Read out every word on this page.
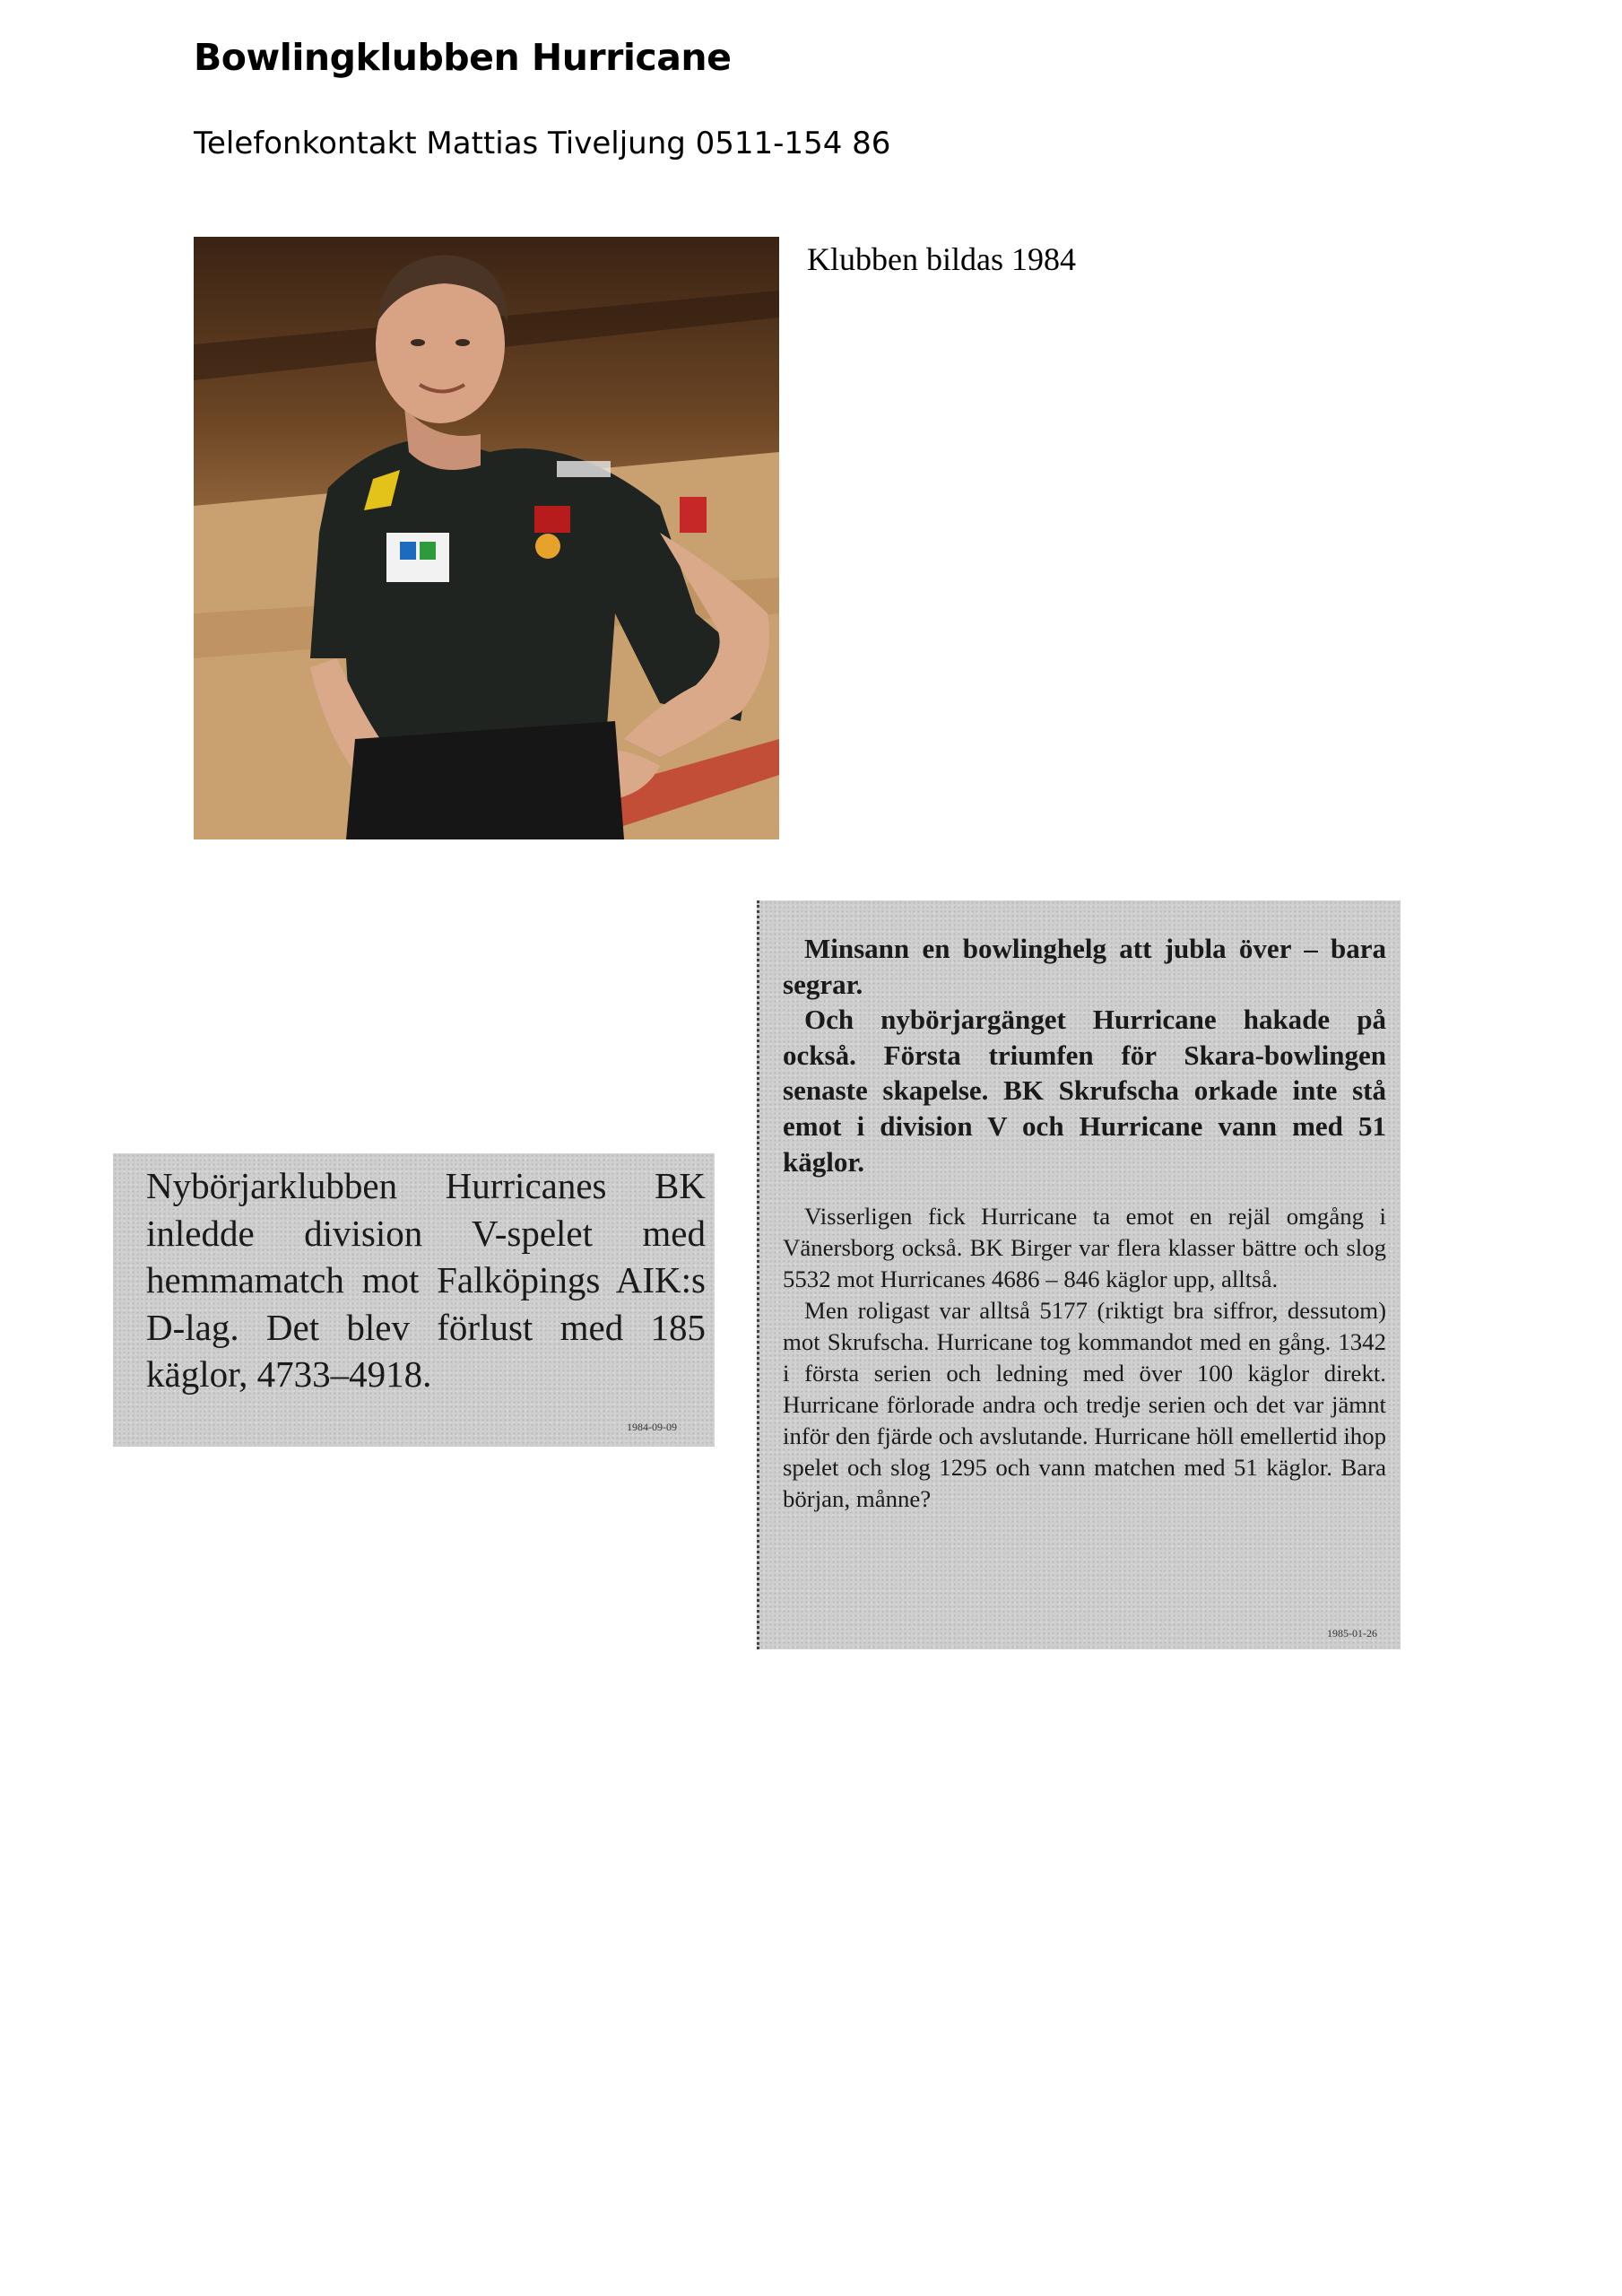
Bowlingklubben Hurricane
Telefonkontakt Mattias Tiveljung 0511-154 86
Klubben bildas 1984

Nybörjarklubben Hurricanes BK inledde division V-spelet med hemmamatch mot Falköpings AIK:s D-lag. Det blev förlust med 185 käglor, 4733–4918.

1984-09-09

Minsann en bowlinghelg att jubla över – bara segrar.
Och nybörjargänget Hurricane hakade på också. Första triumfen för Skara-bowlingen senaste skapelse. BK Skrufscha orkade inte stå emot i division V och Hurricane vann med 51 käglor.

Visserligen fick Hurricane ta emot en rejäl omgång i Vänersborg också. BK Birger var flera klasser bättre och slog 5532 mot Hurricanes 4686 – 846 käglor upp, alltså.
Men roligast var alltså 5177 (riktigt bra siffror, dessutom) mot Skrufscha. Hurricane tog kommandot med en gång. 1342 i första serien och ledning med över 100 käglor direkt. Hurricane förlorade andra och tredje serien och det var jämnt inför den fjärde och avslutande. Hurricane höll emellertid ihop spelet och slog 1295 och vann matchen med 51 käglor. Bara början, månne?

1985-01-26
